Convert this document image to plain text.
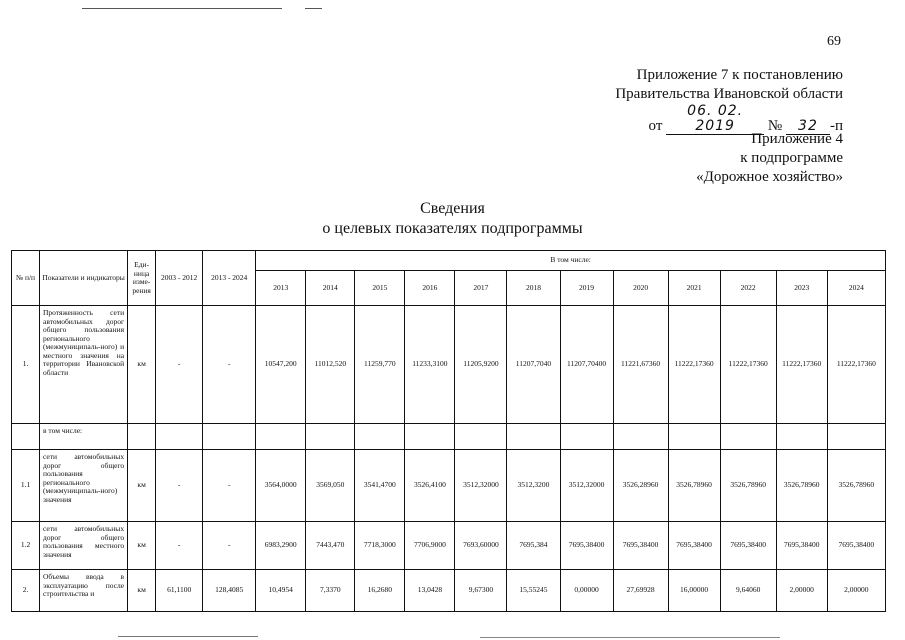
69
Приложение 7 к постановлению
Правительства Ивановской области
от 06. 02. 2019 № 32 -п
Приложение 4
к подпрограмме
«Дорожное хозяйство»
Сведения
о целевых показателях подпрограммы
№ п/п	Показатели и индикаторы	Еди-ница изме-рения	2003 - 2012	2013 - 2024	В том числе:											
					2013	2014	2015	2016	2017	2018	2019	2020	2021	2022	2023	2024
1.	Протяженность сети автомобильных дорог общего пользования регионального (межмуниципаль-ного) и местного значения на территории Ивановской области	км	-	-	10547,200	11012,520	11259,770	11233,3100	11205,9200	11207,7040	11207,70400	11221,67360	11222,17360	11222,17360	11222,17360	11222,17360
	в том числе:															
1.1	сети автомобильных дорог общего пользования регионального (межмуниципаль-ного) значения	км	-	-	3564,0000	3569,050	3541,4700	3526,4100	3512,32000	3512,3200	3512,32000	3526,28960	3526,78960	3526,78960	3526,78960	3526,78960
1.2	сети автомобильных дорог общего пользования местного значения	км	-	-	6983,2900	7443,470	7718,3000	7706,9000	7693,60000	7695,384	7695,38400	7695,38400	7695,38400	7695,38400	7695,38400	7695,38400
2.	Объемы ввода в эксплуатацию после строительства и	км	61,1100	128,4085	10,4954	7,3370	16,2680	13,0428	9,67300	15,55245	0,00000	27,69928	16,00000	9,64060	2,00000	2,00000
